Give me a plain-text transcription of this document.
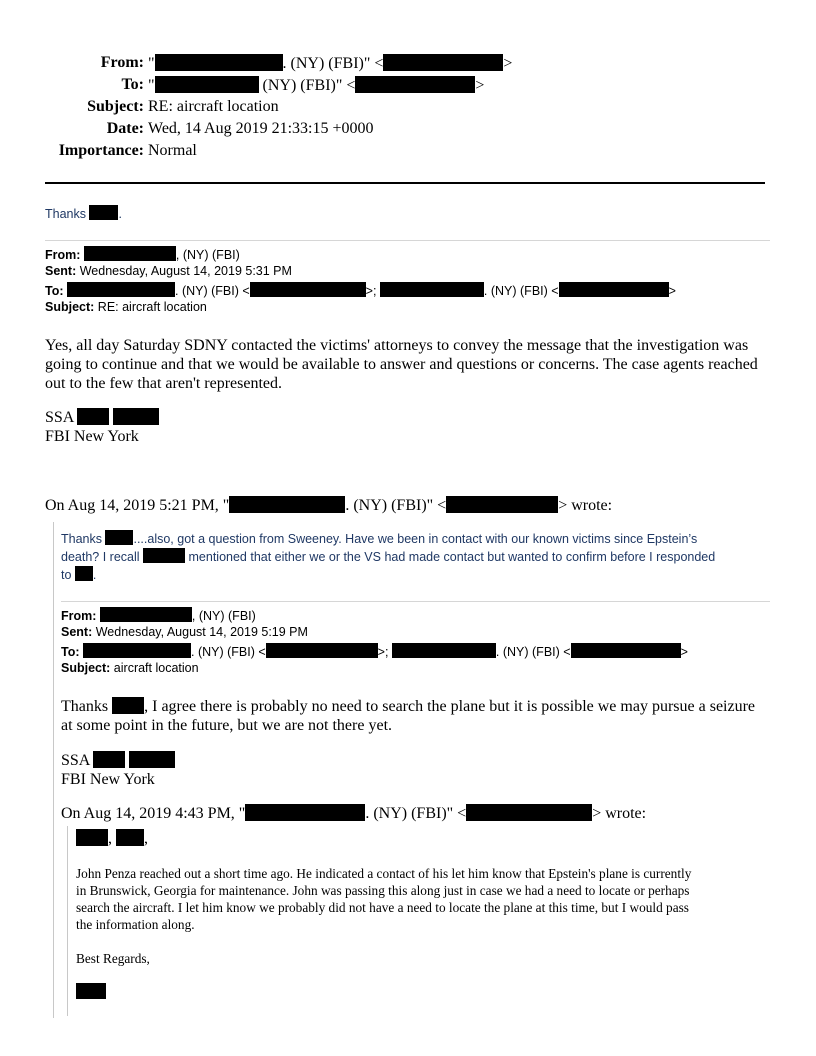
From: "	. (NY) (FBI)" <	>
To: "	(NY) (FBI)" <	>
Subject: RE: aircraft location
Date: Wed, 14 Aug 2019 21:33:15 +0000
Importance: Normal
Thanks	.
From:	, (NY) (FBI)
Sent: Wednesday, August 14, 2019 5:31 PM
To:	. (NY) (FBI) <	>;	. (NY) (FBI) <	>
Subject: RE: aircraft location
Yes, all day Saturday SDNY contacted the victims' attorneys to convey the message that the investigation was
going to continue and that we would be available to answer and questions or concerns. The case agents reached
out to the few that aren't represented.
SSA
FBI New York
On Aug 14, 2019 5:21 PM, "	. (NY) (FBI)" <	> wrote:
Thanks	....also, got a question from Sweeney. Have we been in contact with our known victims since Epstein’s
death? I recall	mentioned that either we or the VS had made contact but wanted to confirm before I responded
to .
From:	, (NY) (FBI)
Sent: Wednesday, August 14, 2019 5:19 PM
To:	. (NY) (FBI) <	>;	. (NY) (FBI) <	>
Subject: aircraft location
Thanks , I agree there is probably no need to search the plane but it is possible we may pursue a seizure
at some point in the future, but we are not there yet.
SSA
FBI New York
On Aug 14, 2019 4:43 PM, "	. (NY) (FBI)" <	> wrote:
, ,
John Penza reached out a short time ago. He indicated a contact of his let him know that Epstein's plane is currently
in Brunswick, Georgia for maintenance. John was passing this along just in case we had a need to locate or perhaps
search the aircraft. I let him know we probably did not have a need to locate the plane at this time, but I would pass
the information along.
Best Regards,
